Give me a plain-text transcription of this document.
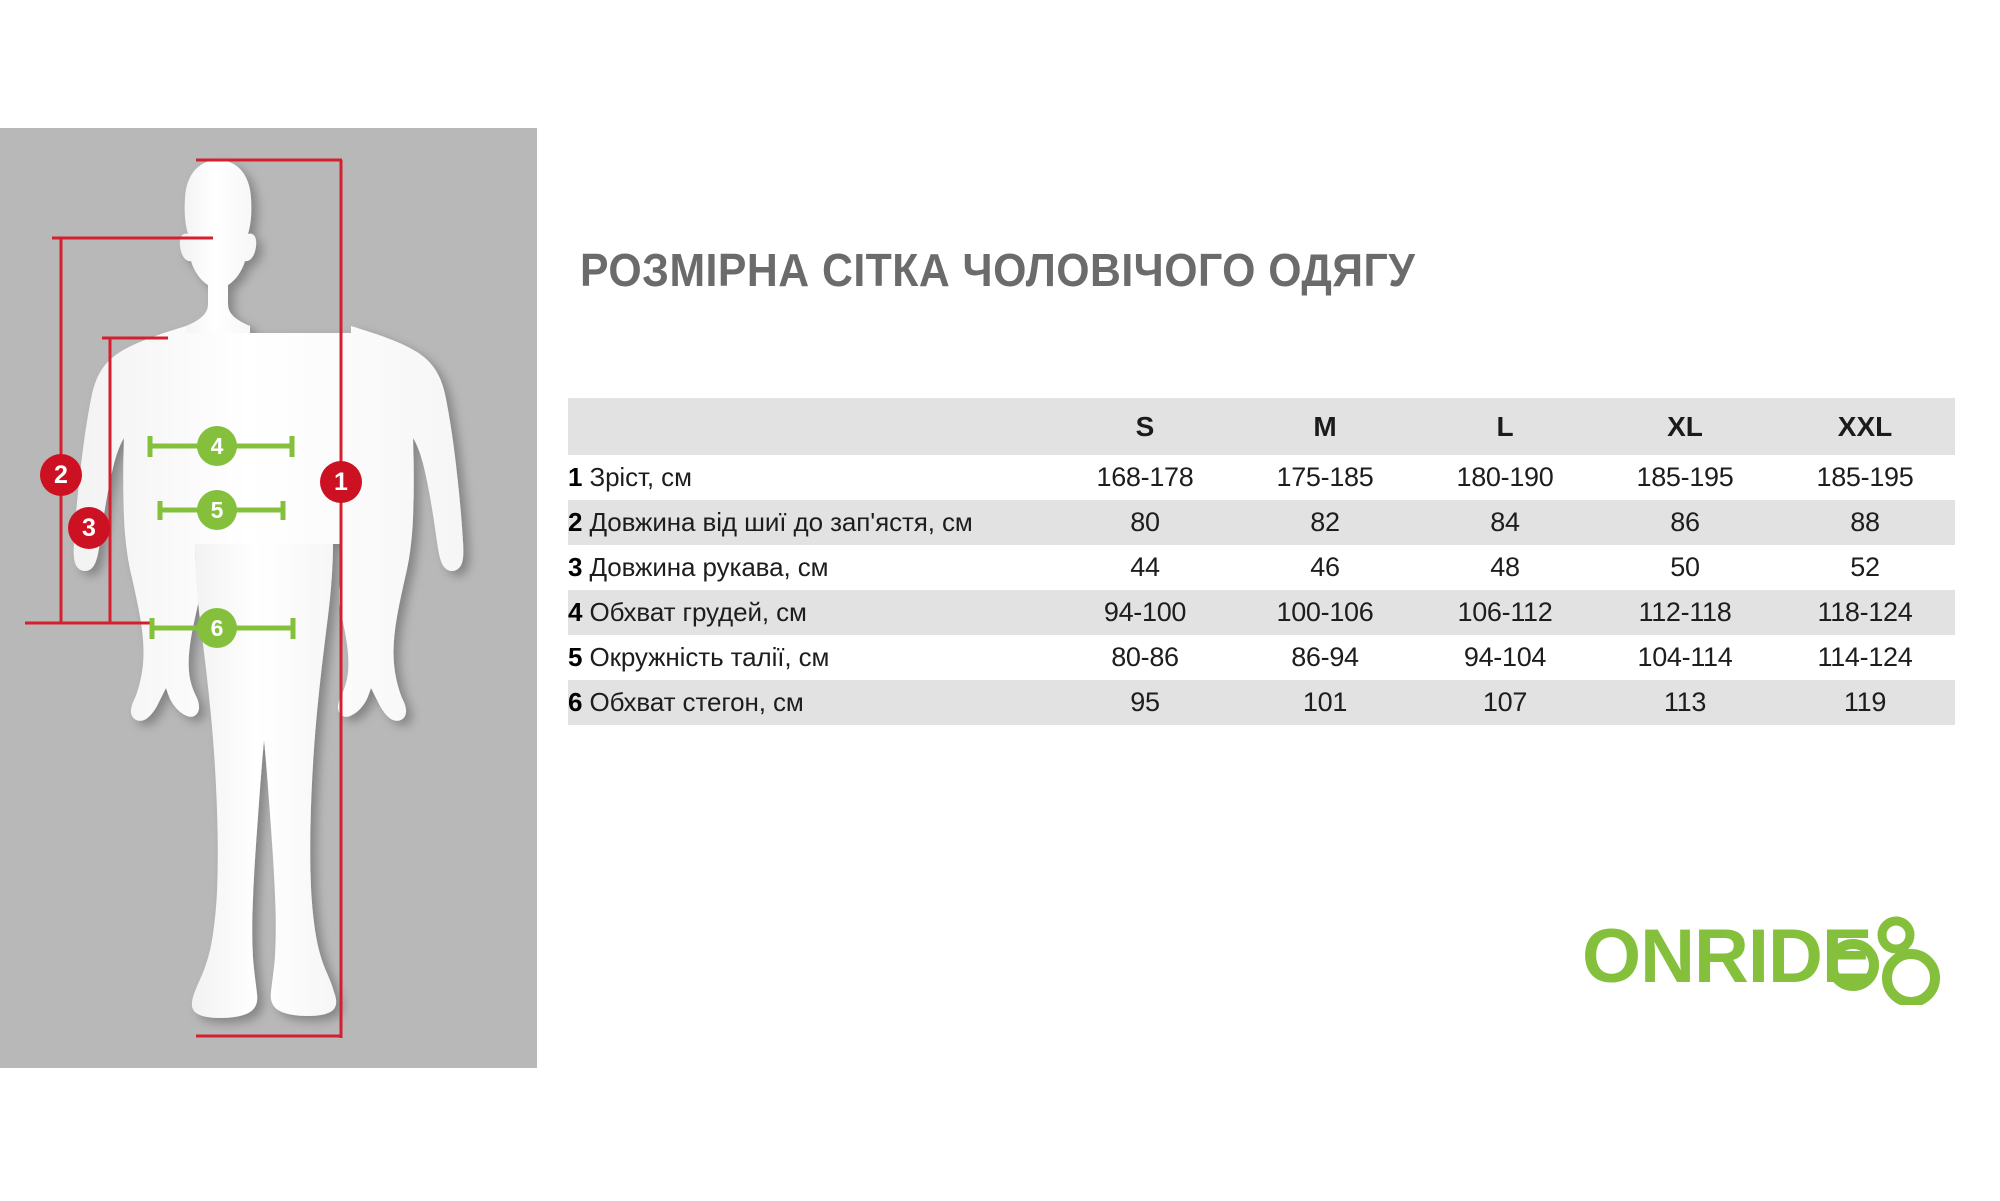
1
2
3
4
5
6
РОЗМІРНА СІТКА ЧОЛОВІЧОГО ОДЯГУ
	S	M	L	XL	XXL
1 Зріст, см	168-178	175-185	180-190	185-195	185-195
2 Довжина від шиї до зап'ястя, см	80	82	84	86	88
3 Довжина рукава, см	44	46	48	50	52
4 Обхват грудей, см	94-100	100-106	106-112	112-118	118-124
5 Окружність талії, см	80-86	86-94	94-104	104-114	114-124
6 Обхват стегон, см	95	101	107	113	119
ONRIDE
